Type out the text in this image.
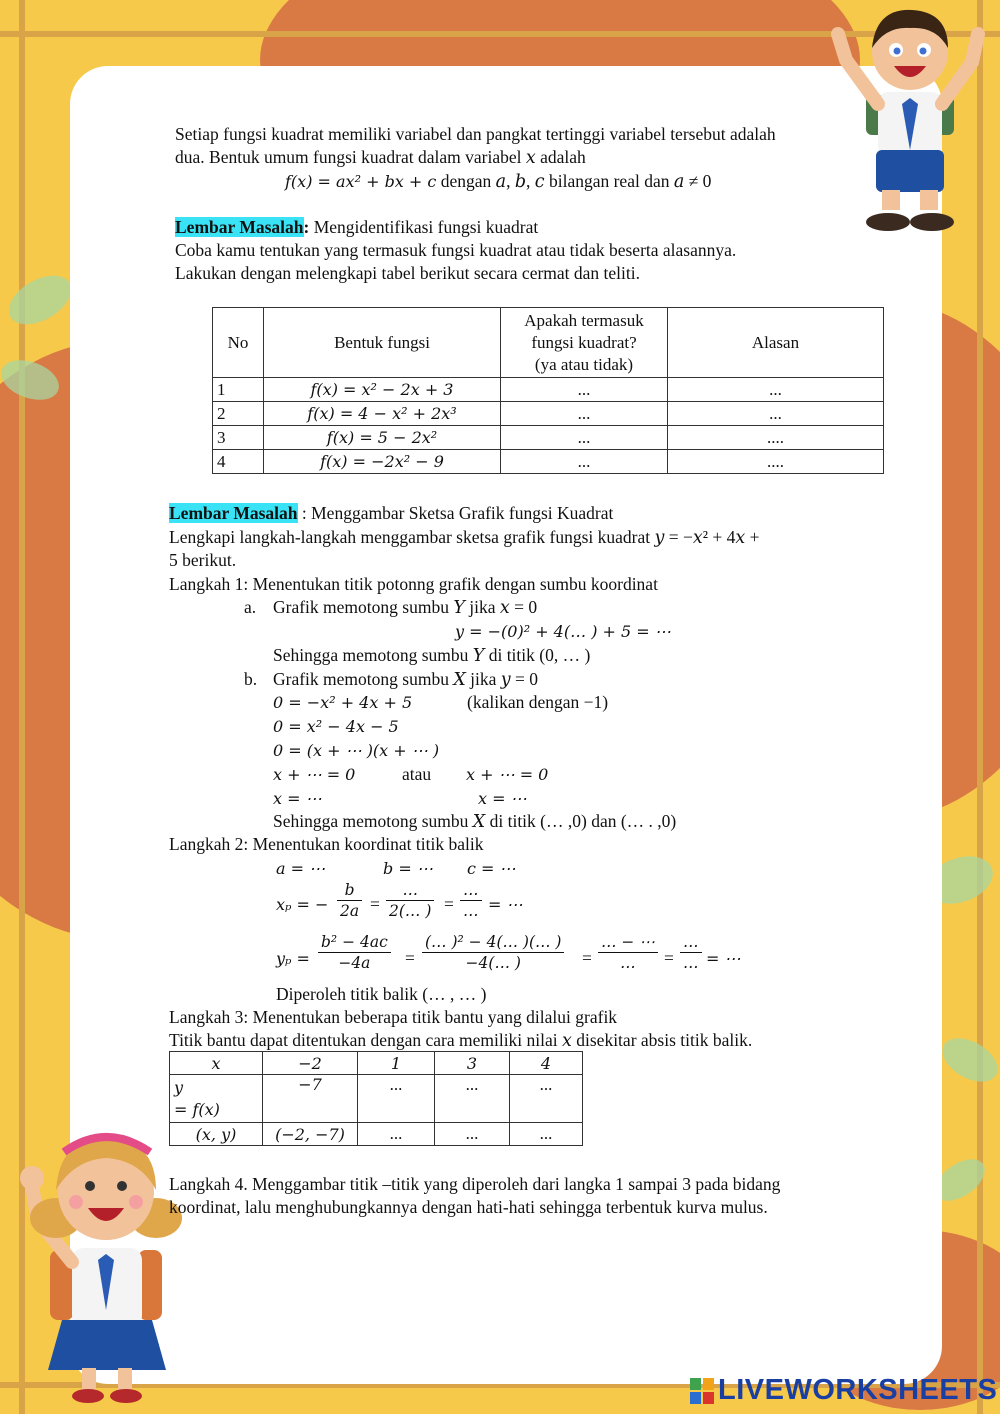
Setiap fungsi kuadrat memiliki variabel dan pangkat tertinggi variabel tersebut adalah
dua. Bentuk umum fungsi kuadrat dalam variabel 𝑥 adalah
𝑓(𝑥) = 𝑎𝑥² + 𝑏𝑥 + 𝑐 dengan 𝑎, 𝑏, 𝑐 bilangan real dan 𝑎 ≠ 0
Lembar Masalah: Mengidentifikasi fungsi kuadrat
Coba kamu tentukan yang termasuk fungsi kuadrat atau tidak beserta alasannya.
Lakukan dengan melengkapi tabel berikut secara cermat dan teliti.
No	Bentuk fungsi	Apakah termasuk
fungsi kuadrat?
(ya atau tidak)	Alasan
1	𝑓(𝑥) = 𝑥² − 2𝑥 + 3	...	...
2	𝑓(𝑥) = 4 − 𝑥² + 2𝑥³	...	...
3	𝑓(𝑥) = 5 − 2𝑥²	...	....
4	𝑓(𝑥) = −2𝑥² − 9	...	....
Lembar Masalah : Menggambar Sketsa Grafik fungsi Kuadrat
Lengkapi langkah-langkah menggambar sketsa grafik fungsi kuadrat 𝑦 = −𝑥² + 4𝑥 +
5 berikut.
Langkah 1: Menentukan titik potonng grafik dengan sumbu koordinat
a. Grafik memotong sumbu 𝑌 jika 𝑥 = 0
𝑦 = −(0)² + 4(… ) + 5 = ⋯
Sehingga memotong sumbu 𝑌 di titik (0, … )
b. Grafik memotong sumbu 𝑋 jika 𝑦 = 0
0 = −𝑥² + 4𝑥 + 5	(kalikan dengan −1)
0 = 𝑥² − 4𝑥 − 5
0 = (𝑥 + ⋯ )(𝑥 + ⋯ )
𝑥 + ⋯ = 0	atau 𝑥 + ⋯ = 0
𝑥 = ⋯	𝑥 = ⋯
Sehingga memotong sumbu 𝑋 di titik (… ,0) dan (… . ,0)
Langkah 2: Menentukan koordinat titik balik
𝑎 = ⋯	𝑏 = ⋯ 𝑐 = ⋯
𝑥ₚ = −
𝑏
2𝑎 =
…
2(… ) =
…
… = ⋯
𝑦ₚ =
𝑏² − 4𝑎𝑐
−4𝑎	= $\frac{\text{(… )² − 4(… )(… )}}{-4(\dots )}$ =
… − ⋯
…	=
…
… = ⋯
Diperoleh titik balik (… , … )
Langkah 3: Menentukan beberapa titik bantu yang dilalui grafik
Titik bantu dapat ditentukan dengan cara memiliki nilai 𝑥 disekitar absis titik balik.
𝑥	−2	1	3	4
𝑦
= 𝑓(𝑥)	−7	...	...	...
(𝑥, 𝑦)	(−2, −7)	...	...	...
Langkah 4. Menggambar titik –titik yang diperoleh dari langka 1 sampai 3 pada bidang
koordinat, lalu menghubungkannya dengan hati-hati sehingga terbentuk kurva mulus.
LIVEWORKSHEETS
